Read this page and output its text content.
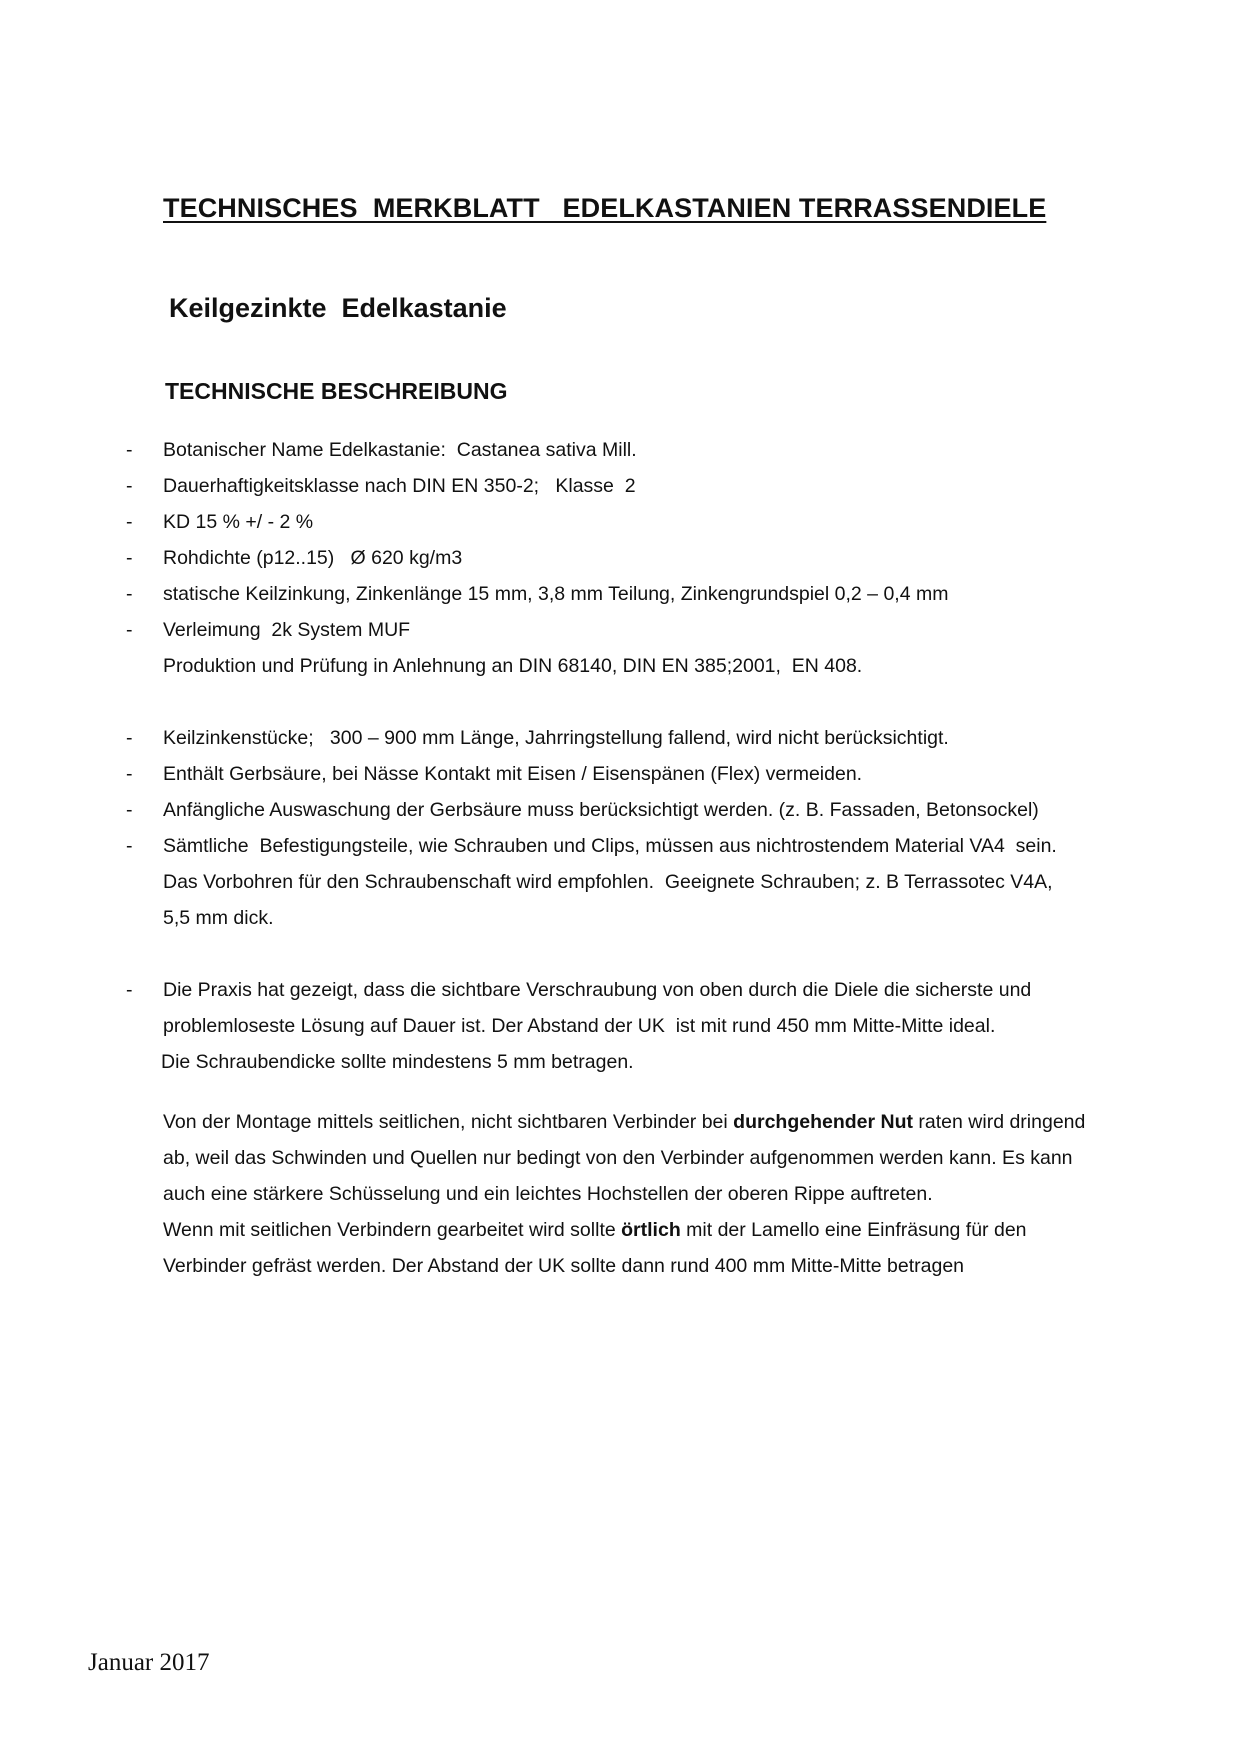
TECHNISCHES  MERKBLATT   EDELKASTANIEN TERRASSENDIELE
Keilgezinkte  Edelkastanie
TECHNISCHE BESCHREIBUNG
-
-
-
-
-
-
-
-
-
-
-
Botanischer Name Edelkastanie:  Castanea sativa Mill.
Dauerhaftigkeitsklasse nach DIN EN 350-2;   Klasse  2
KD 15 % +/ - 2 %
Rohdichte (p12..15)   Ø 620 kg/m3
statische Keilzinkung, Zinkenlänge 15 mm, 3,8 mm Teilung, Zinkengrundspiel 0,2 – 0,4 mm
Verleimung  2k System MUF
Produktion und Prüfung in Anlehnung an DIN 68140, DIN EN 385;2001,  EN 408.
Keilzinkenstücke;   300 – 900 mm Länge, Jahrringstellung fallend, wird nicht berücksichtigt.
Enthält Gerbsäure, bei Nässe Kontakt mit Eisen / Eisenspänen (Flex) vermeiden.
Anfängliche Auswaschung der Gerbsäure muss berücksichtigt werden. (z. B. Fassaden, Betonsockel)
Sämtliche  Befestigungsteile, wie Schrauben und Clips, müssen aus nichtrostendem Material VA4  sein.
Das Vorbohren für den Schraubenschaft wird empfohlen.  Geeignete Schrauben; z. B Terrassotec V4A,
5,5 mm dick.
Die Praxis hat gezeigt, dass die sichtbare Verschraubung von oben durch die Diele die sicherste und
problemloseste Lösung auf Dauer ist. Der Abstand der UK  ist mit rund 450 mm Mitte-Mitte ideal.
Die Schraubendicke sollte mindestens 5 mm betragen.
Von der Montage mittels seitlichen, nicht sichtbaren Verbinder bei durchgehender Nut raten wird dringend
ab, weil das Schwinden und Quellen nur bedingt von den Verbinder aufgenommen werden kann. Es kann
auch eine stärkere Schüsselung und ein leichtes Hochstellen der oberen Rippe auftreten.
Wenn mit seitlichen Verbindern gearbeitet wird sollte örtlich mit der Lamello eine Einfräsung für den
Verbinder gefräst werden. Der Abstand der UK sollte dann rund 400 mm Mitte-Mitte betragen
Januar 2017
